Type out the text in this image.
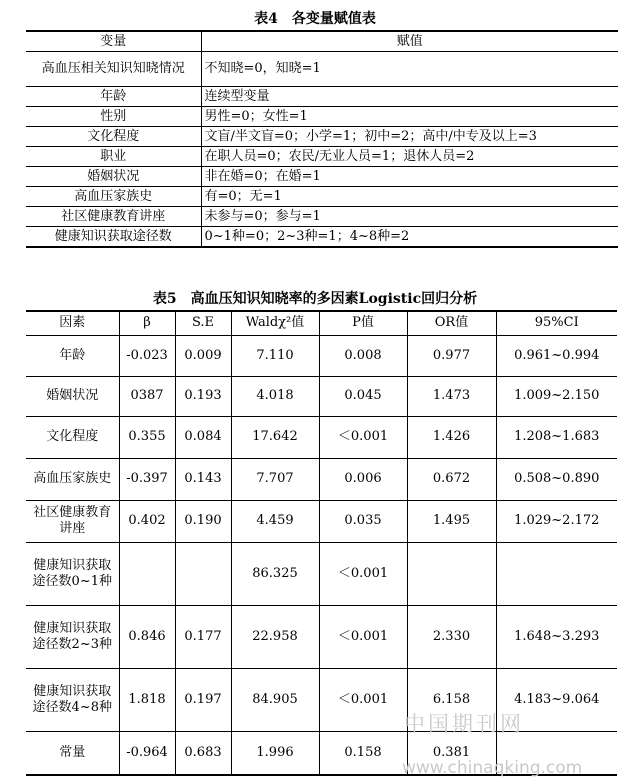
表4　各变量赋值表
变量	赋值
高血压相关知识知晓情况	不知晓=0，知晓=1
年龄	连续型变量
性别	男性=0；女性=1
文化程度	文盲/半文盲=0；小学=1；初中=2；高中/中专及以上=3
职业	在职人员=0；农民/无业人员=1；退休人员=2
婚姻状况	非在婚=0；在婚=1
高血压家族史	有=0；无=1
社区健康教育讲座	未参与=0；参与=1
健康知识获取途径数	0~1种=0；2~3种=1；4~8种=2
表5　高血压知识知晓率的多因素Logistic回归分析
因素	β	S.E	Waldχ²值	P值	OR值	95%CI
年龄	-0.023	0.009	7.110	0.008	0.977	0.961~0.994
婚姻状况	0387	0.193	4.018	0.045	1.473	1.009~2.150
文化程度	0.355	0.084	17.642	＜0.001	1.426	1.208~1.683
高血压家族史	-0.397	0.143	7.707	0.006	0.672	0.508~0.890
社区健康教育讲座	0.402	0.190	4.459	0.035	1.495	1.029~2.172
健康知识获取途径数0~1种			86.325	＜0.001		
健康知识获取途径数2~3种	0.846	0.177	22.958	＜0.001	2.330	1.648~3.293
健康知识获取途径数4~8种	1.818	0.197	84.905	＜0.001	6.158	4.183~9.064
常量	-0.964	0.683	1.996	0.158	0.381	
中国期刊网
www.chinaqking.com
